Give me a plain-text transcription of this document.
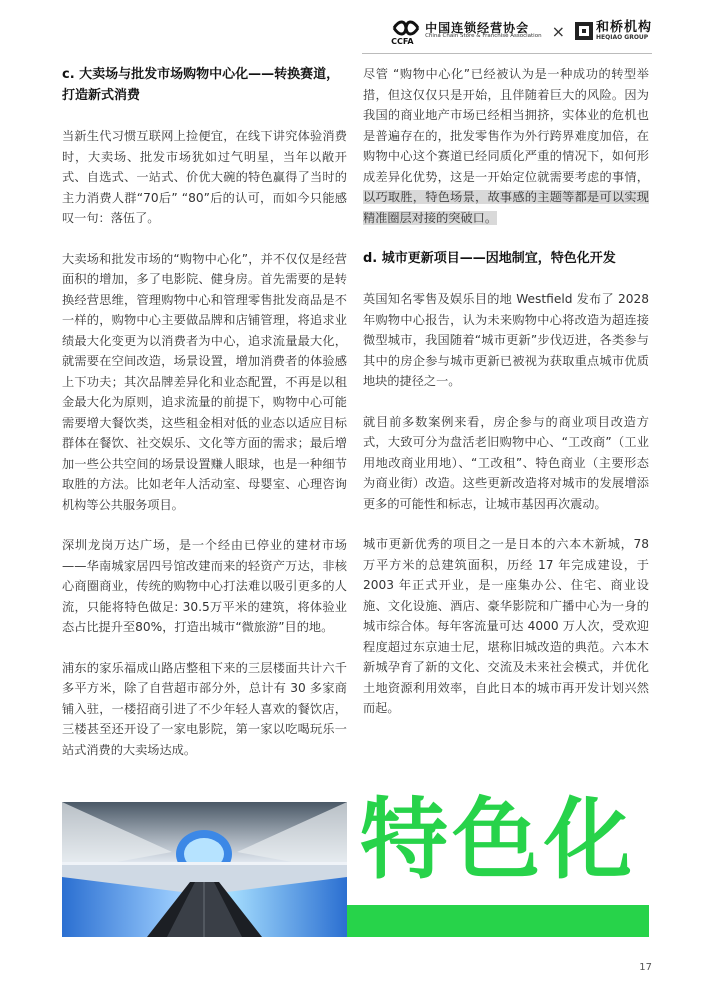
CCFA
中国连锁经营协会
China Chain Store & Franchise Association × 和桥机构
HEQIAO GROUP
c. 大卖场与批发市场购物中心化——转换赛道，打造新式消费

当新生代习惯互联网上捡便宜，在线下讲究体验消费时，大卖场、批发市场犹如过气明星，当年以敞开式、自选式、一站式、价优大碗的特色赢得了当时的主力消费人群“70后” “80”后的认可，而如今只能感叹一句：落伍了。

大卖场和批发市场的“购物中心化”，并不仅仅是经营面积的增加，多了电影院、健身房。首先需要的是转换经营思维，管理购物中心和管理零售批发商品是不一样的，购物中心主要做品牌和店铺管理，将追求业绩最大化变更为以消费者为中心，追求流量最大化，就需要在空间改造，场景设置，增加消费者的体验感上下功夫；其次品牌差异化和业态配置，不再是以租金最大化为原则，追求流量的前提下，购物中心可能需要增大餐饮类，这些租金相对低的业态以适应目标群体在餐饮、社交娱乐、文化等方面的需求；最后增加一些公共空间的场景设置赚人眼球，也是一种细节取胜的方法。比如老年人活动室、母婴室、心理咨询机构等公共服务项目。

深圳龙岗万达广场，是一个经由已停业的建材市场——华南城家居四号馆改建而来的轻资产万达，非核心商圈商业，传统的购物中心打法难以吸引更多的人流，只能将特色做足: 30.5万平米的建筑，将体验业态占比提升至80%，打造出城市“微旅游”目的地。

浦东的家乐福成山路店整租下来的三层楼面共计六千多平方米，除了自营超市部分外，总计有 30 多家商铺入驻，一楼招商引进了不少年轻人喜欢的餐饮店，三楼甚至还开设了一家电影院，第一家以吃喝玩乐一站式消费的大卖场达成。

尽管 “购物中心化”已经被认为是一种成功的转型举措，但这仅仅只是开始，且伴随着巨大的风险。因为我国的商业地产市场已经相当拥挤，实体业的危机也是普遍存在的，批发零售作为外行跨界难度加倍，在购物中心这个赛道已经同质化严重的情况下，如何形成差异化优势，这是一开始定位就需要考虑的事情，以巧取胜，特色场景，故事感的主题等都是可以实现精准圈层对接的突破口。

d. 城市更新项目——因地制宜，特色化开发

英国知名零售及娱乐目的地 Westfield 发布了 2028 年购物中心报告，认为未来购物中心将改造为超连接微型城市，我国随着“城市更新”步伐迈进，各类参与其中的房企参与城市更新已被视为获取重点城市优质地块的捷径之一。

就目前多数案例来看，房企参与的商业项目改造方式，大致可分为盘活老旧购物中心、“工改商”（工业用地改商业用地）、“工改租”、特色商业（主要形态为商业街）改造。这些更新改造将对城市的发展增添更多的可能性和标志，让城市基因再次震动。

城市更新优秀的项目之一是日本的六本木新城，78 万平方米的总建筑面积，历经 17 年完成建设，于 2003 年正式开业，是一座集办公、住宅、商业设施、文化设施、酒店、豪华影院和广播中心为一身的城市综合体。每年客流量可达 4000 万人次，受欢迎程度超过东京迪士尼，堪称旧城改造的典范。六本木新城孕育了新的文化、交流及未来社会模式，并优化土地资源利用效率，自此日本的城市再开发计划兴然而起。

特色化
17
